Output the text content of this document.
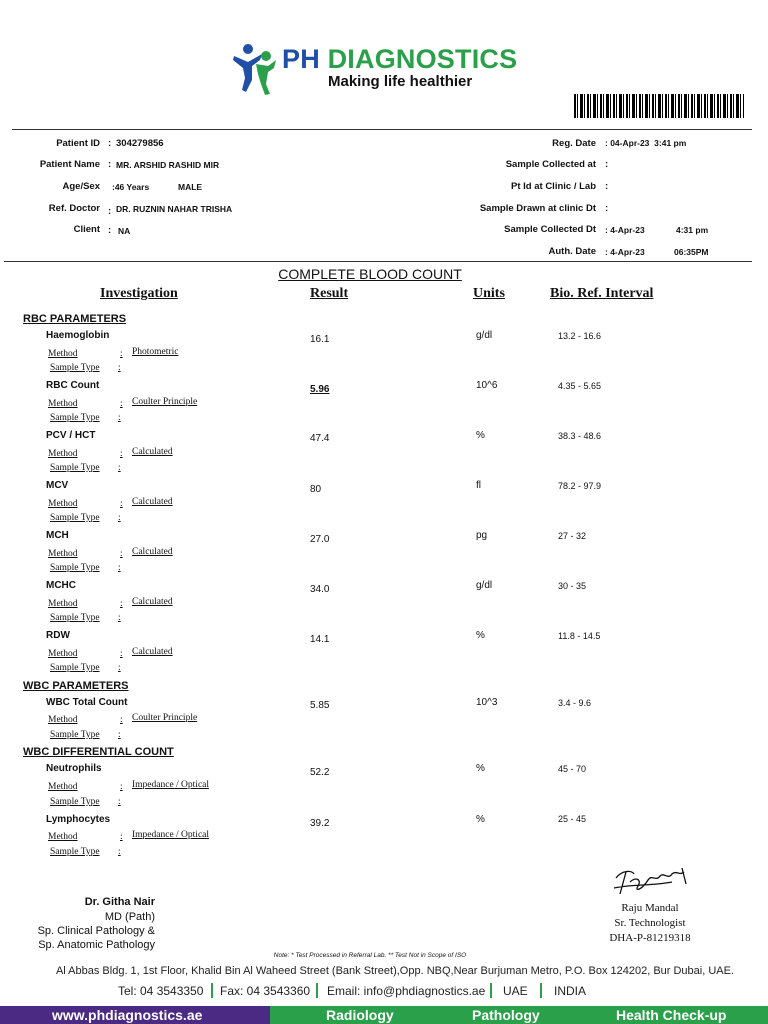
PH DIAGNOSTICS
Making life healthier
Patient ID : 304279856
Patient Name : MR. ARSHID RASHID MIR
Age/Sex :46 Years	MALE
Ref. Doctor : DR. RUZNIN NAHAR TRISHA
Client : NA
Reg. Date : 04-Apr-23 3:41 pm
Sample Collected at :
Pt Id at Clinic / Lab :
Sample Drawn at clinic Dt :
Sample Collected Dt : 4-Apr-23	4:31 pm
Auth. Date : 4-Apr-23	06:35PM
COMPLETE BLOOD COUNT
Investigation	Result	Units	Bio. Ref. Interval
RBC PARAMETERS
WBC PARAMETERS
WBC DIFFERENTIAL COUNT
Haemoglobin	16.1	g/dl	13.2 - 16.6
Method	: Photometric
Sample Type :
RBC Count	5.96	10^6	4.35 - 5.65
Method	: Coulter Principle
Sample Type :
PCV / HCT	47.4	%	38.3 - 48.6
Method	: Calculated
Sample Type :
MCV	80	fl	78.2 - 97.9
Method	: Calculated
Sample Type :
MCH	27.0	pg	27 - 32
Method	: Calculated
Sample Type :
MCHC	34.0	g/dl	30 - 35
Method	: Calculated
Sample Type :
RDW	14.1	%	11.8 - 14.5
Method	: Calculated
Sample Type :
WBC Total Count	5.85	10^3	3.4 - 9.6
Method	: Coulter Principle
Sample Type :
Neutrophils	52.2	%	45 - 70
Method	: Impedance / Optical
Sample Type :
Lymphocytes	39.2	%	25 - 45
Method	: Impedance / Optical
Sample Type :
Dr. Githa Nair
MD (Path)
Sp. Clinical Pathology &
Sp. Anatomic Pathology
Raju Mandal
Sr. Technologist
DHA-P-81219318
Note: * Test Processed in Referral Lab. ** Test Not in Scope of ISO
Al Abbas Bldg. 1, 1st Floor, Khalid Bin Al Waheed Street (Bank Street),Opp. NBQ,Near Burjuman Metro, P.O. Box 124202, Bur Dubai, UAE.
Tel: 04 3543350 Fax: 04 3543360 Email: info@phdiagnostics.ae UAE INDIA
www.phdiagnostics.ae	Radiology	Pathology	Health Check-up
